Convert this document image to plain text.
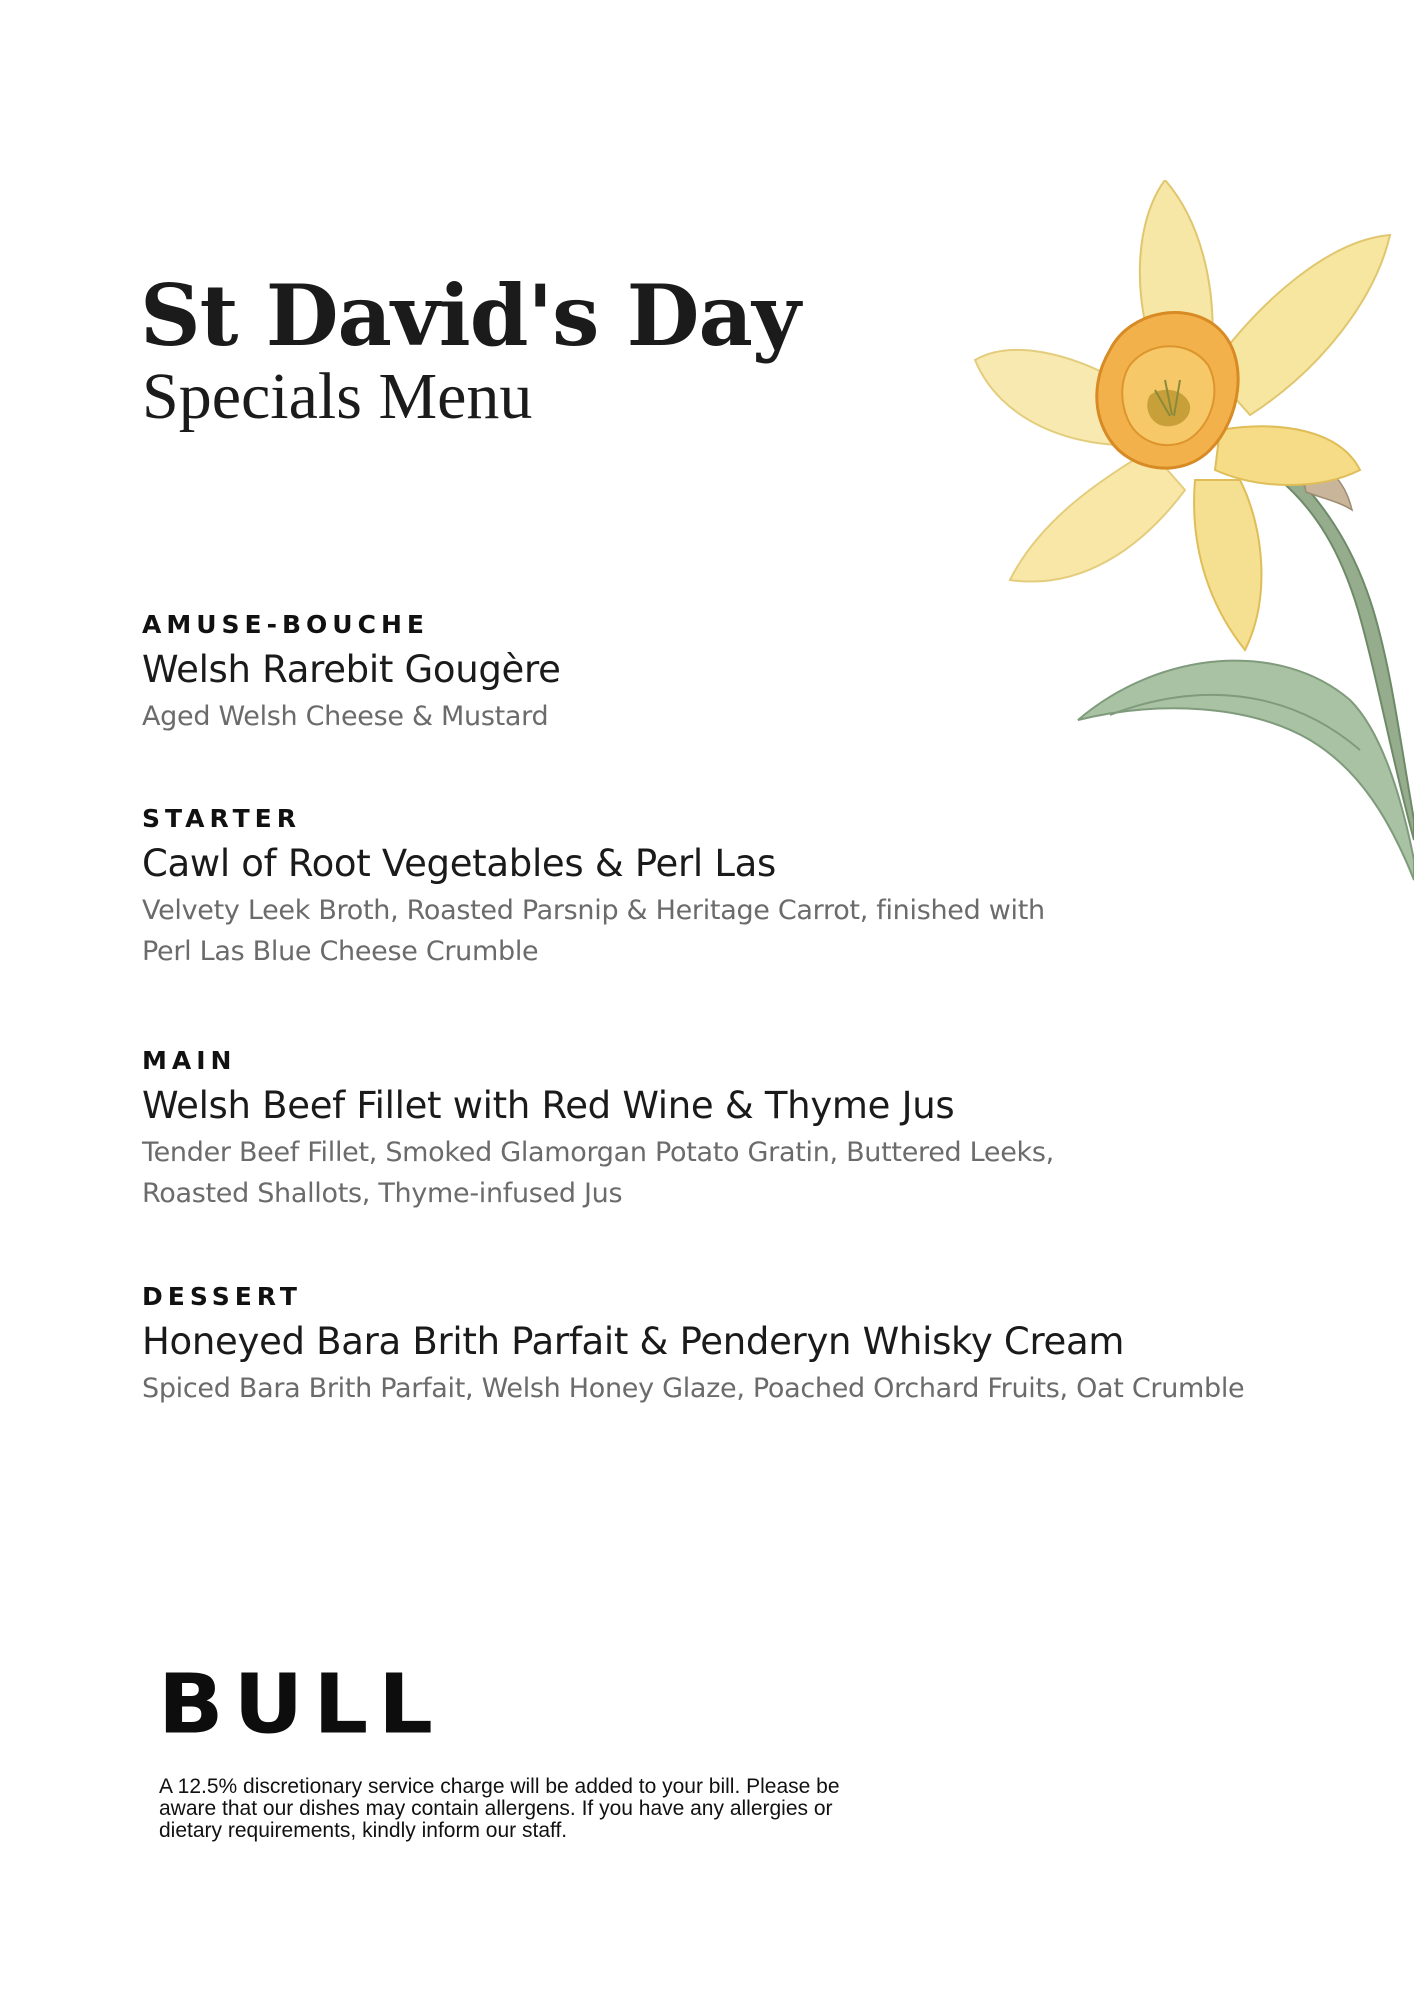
St David's Day
Specials Menu
AMUSE-BOUCHE
Welsh Rarebit Gougère
Aged Welsh Cheese & Mustard
STARTER
Cawl of Root Vegetables & Perl Las
Velvety Leek Broth, Roasted Parsnip & Heritage Carrot, finished with Perl Las Blue Cheese Crumble
MAIN
Welsh Beef Fillet with Red Wine & Thyme Jus
Tender Beef Fillet, Smoked Glamorgan Potato Gratin, Buttered Leeks, Roasted Shallots, Thyme-infused Jus
DESSERT
Honeyed Bara Brith Parfait & Penderyn Whisky Cream
Spiced Bara Brith Parfait, Welsh Honey Glaze, Poached Orchard Fruits, Oat Crumble
BULL

A 12.5% discretionary service charge will be added to your bill. Please be aware that our dishes may contain allergens. If you have any allergies or dietary requirements, kindly inform our staff.
